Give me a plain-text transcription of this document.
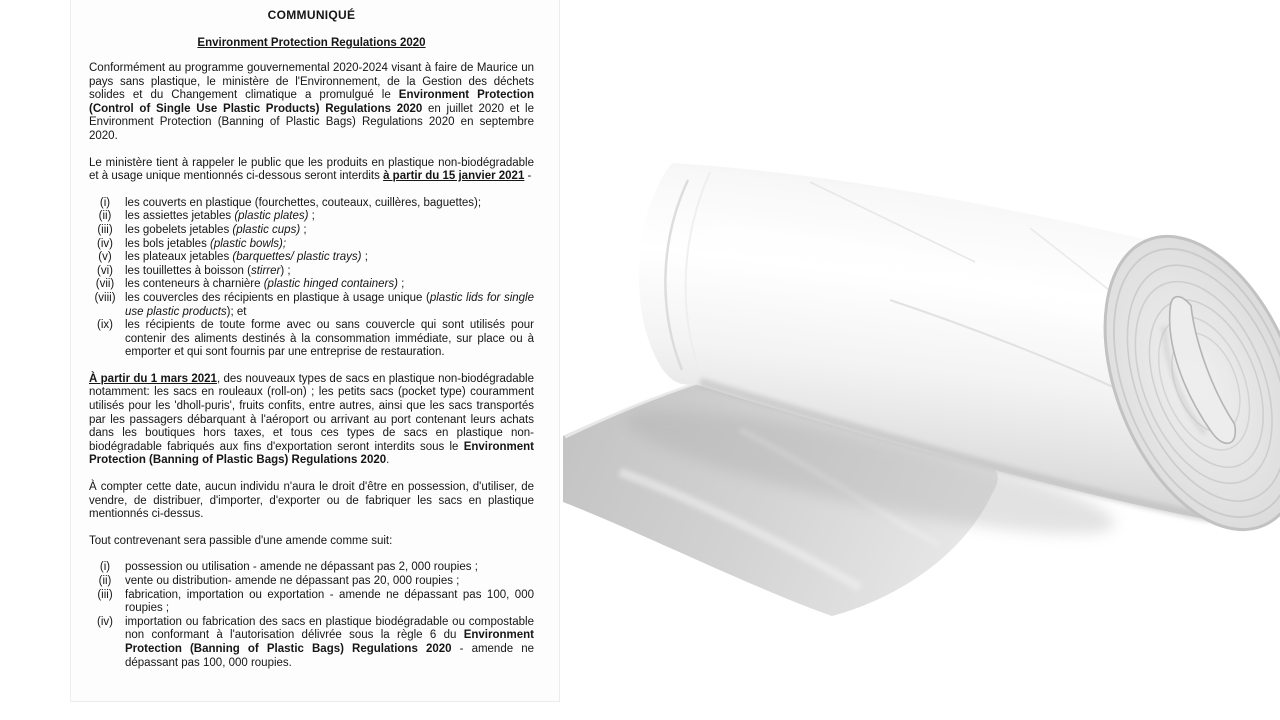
COMMUNIQUÉ
Environment Protection Regulations 2020

Conformément au programme gouvernemental 2020-2024 visant à faire de Maurice un pays sans plastique, le ministère de l'Environnement, de la Gestion des déchets solides et du Changement climatique a promulgué le Environment Protection (Control of Single Use Plastic Products) Regulations 2020 en juillet 2020 et le Environment Protection (Banning of Plastic Bags) Regulations 2020 en septembre 2020.

Le ministère tient à rappeler le public que les produits en plastique non-biodégradable et à usage unique mentionnés ci-dessous seront interdits à partir du 15 janvier 2021 -

(i)	les couverts en plastique (fourchettes, couteaux, cuillères, baguettes);
(ii)	les assiettes jetables (plastic plates) ;
(iii)	les gobelets jetables (plastic cups) ;
(iv)	les bols jetables (plastic bowls);
(v)	les plateaux jetables (barquettes/ plastic trays) ;
(vi)	les touillettes à boisson (stirrer) ;
(vii) les conteneurs à charnière (plastic hinged containers) ;
(viii) les couvercles des récipients en plastique à usage unique (plastic lids for single use plastic products); et
(ix)	les récipients de toute forme avec ou sans couvercle qui sont utilisés pour contenir des aliments destinés à la consommation immédiate, sur place ou à emporter et qui sont fournis par une entreprise de restauration.

À partir du 1 mars 2021, des nouveaux types de sacs en plastique non-biodégradable notamment: les sacs en rouleaux (roll-on) ; les petits sacs (pocket type) couramment utilisés pour les 'dholl-puris', fruits confits, entre autres, ainsi que les sacs transportés par les passagers débarquant à l'aéroport ou arrivant au port contenant leurs achats dans les boutiques hors taxes, et tous ces types de sacs en plastique non-biodégradable fabriqués aux fins d'exportation seront interdits sous le Environment Protection (Banning of Plastic Bags) Regulations 2020.

À compter cette date, aucun individu n'aura le droit d'être en possession, d'utiliser, de vendre, de distribuer, d'importer, d'exporter ou de fabriquer les sacs en plastique mentionnés ci-dessus.

Tout contrevenant sera passible d'une amende comme suit:

(i)	possession ou utilisation - amende ne dépassant pas 2, 000 roupies ;
(ii)	vente ou distribution- amende ne dépassant pas 20, 000 roupies ;
(iii)	fabrication, importation ou exportation - amende ne dépassant pas 100, 000 roupies ;
(iv)	importation ou fabrication des sacs en plastique biodégradable ou compostable non conformant à l'autorisation délivrée sous la règle 6 du Environment Protection (Banning of Plastic Bags) Regulations 2020 - amende ne dépassant pas 100, 000 roupies.
